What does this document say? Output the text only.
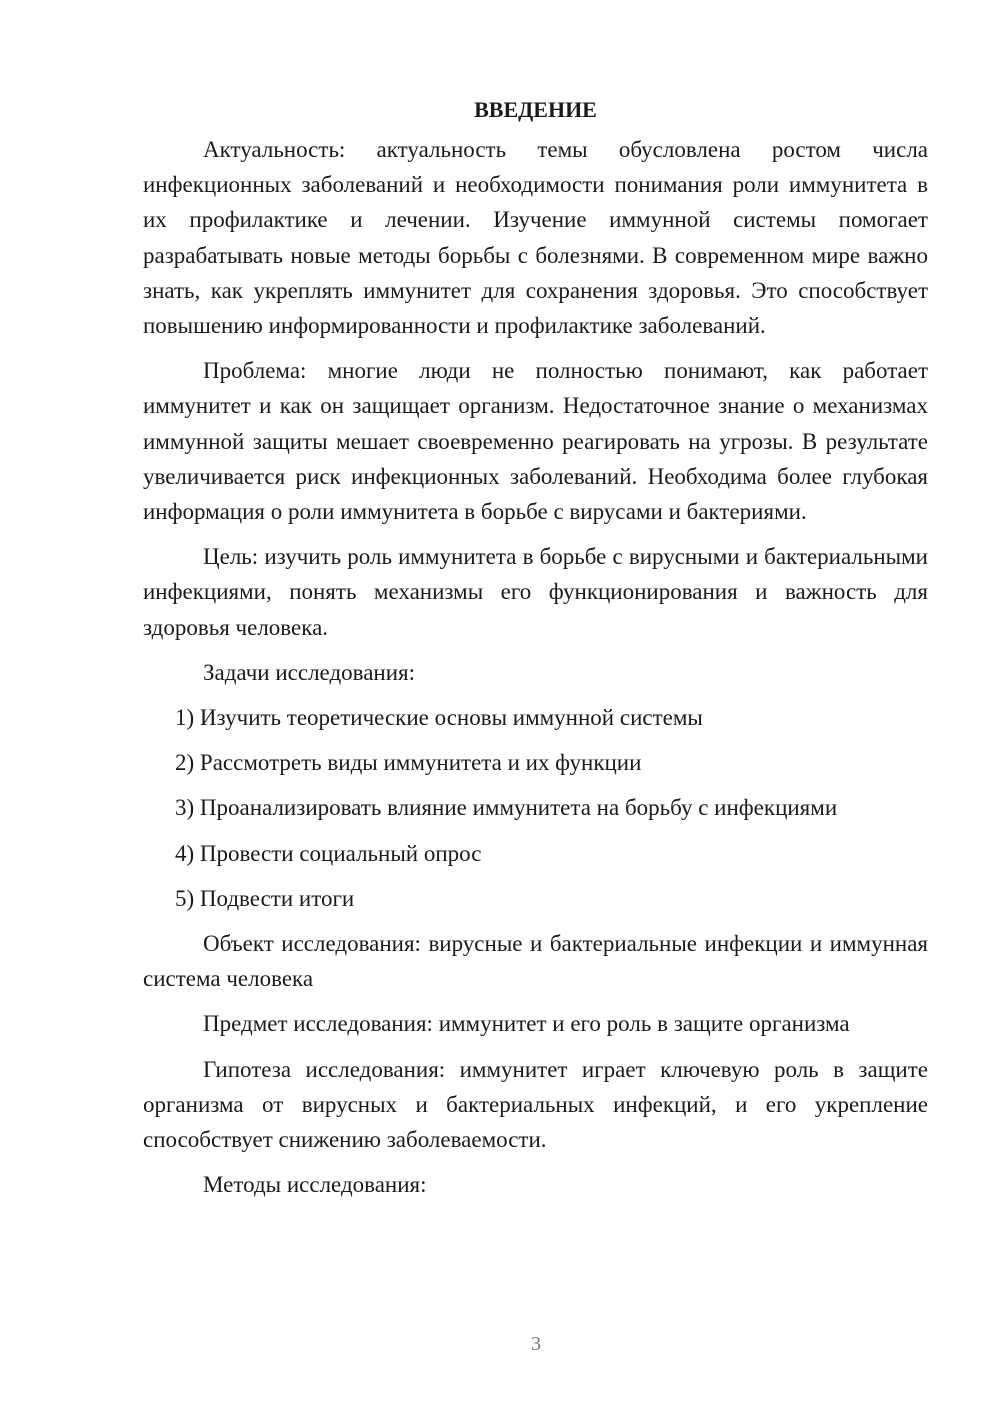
ВВЕДЕНИЕ

Актуальность: актуальность темы обусловлена ростом числа инфекционных заболеваний и необходимости понимания роли иммунитета в их профилактике и лечении. Изучение иммунной системы помогает разрабатывать новые методы борьбы с болезнями. В современном мире важно знать, как укреплять иммунитет для сохранения здоровья. Это способствует повышению информированности и профилактике заболеваний.

Проблема: многие люди не полностью понимают, как работает иммунитет и как он защищает организм. Недостаточное знание о механизмах иммунной защиты мешает своевременно реагировать на угрозы. В результате увеличивается риск инфекционных заболеваний. Необходима более глубокая информация о роли иммунитета в борьбе с вирусами и бактериями.

Цель: изучить роль иммунитета в борьбе с вирусными и бактериальными инфекциями, понять механизмы его функционирования и важность для здоровья человека.

Задачи исследования:

1) Изучить теоретические основы иммунной системы
2) Рассмотреть виды иммунитета и их функции
3) Проанализировать влияние иммунитета на борьбу с инфекциями
4) Провести социальный опрос
5) Подвести итоги

Объект исследования: вирусные и бактериальные инфекции и иммунная система человека

Предмет исследования: иммунитет и его роль в защите организма

Гипотеза исследования: иммунитет играет ключевую роль в защите организма от вирусных и бактериальных инфекций, и его укрепление способствует снижению заболеваемости.

Методы исследования:

3
